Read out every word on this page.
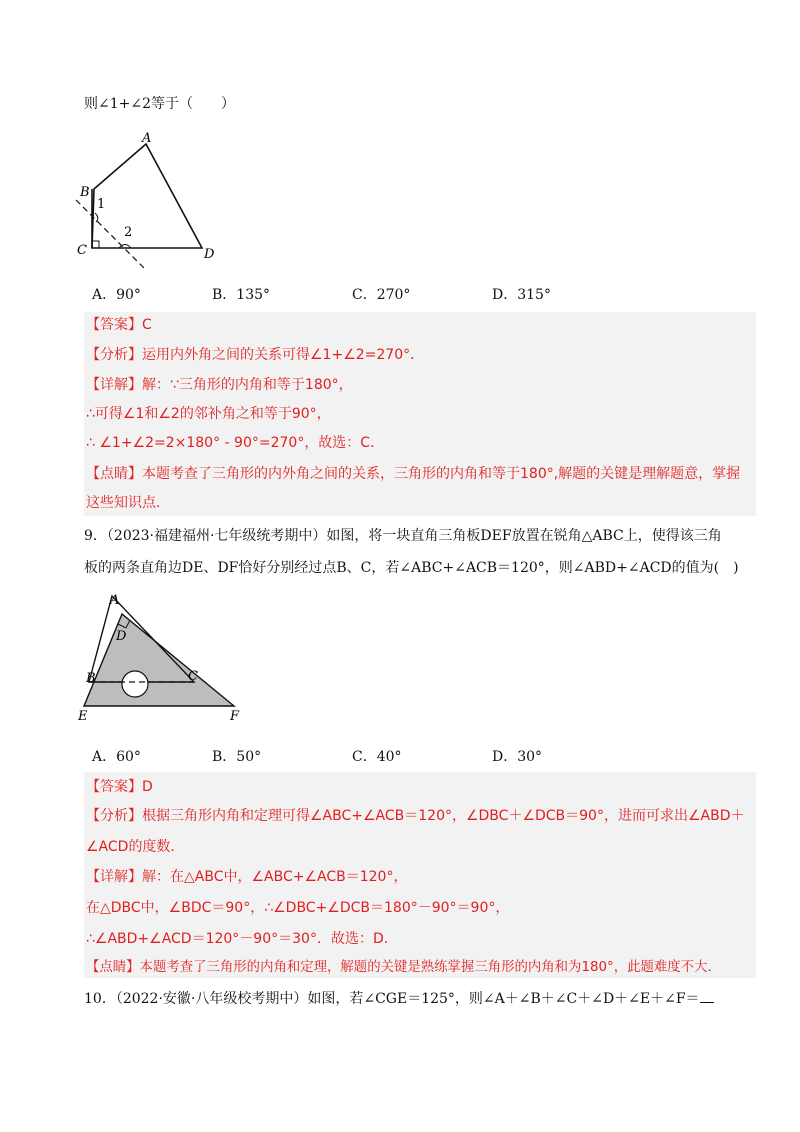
则∠1+∠2等于（　　）
A
B
C	D
1
2
A．90°	B．135°	C．270°	D．315°
【答案】C
【分析】运用内外角之间的关系可得∠1+∠2=270°．
【详解】解：∵三角形的内角和等于180°，
∴可得∠1和∠2的邻补角之和等于90°，
∴ ∠1+∠2=2×180° - 90°=270°，故选：C．
【点睛】本题考查了三角形的内外角之间的关系，三角形的内角和等于180°,解题的关键是理解题意，掌握
这些知识点．
9．（2023·福建福州·七年级统考期中）如图，将一块直角三角板DEF放置在锐角△ABC上，使得该三角
板的两条直角边DE、DF恰好分别经过点B、C，若∠ABC+∠ACB＝120°，则∠ABD+∠ACD的值为(　)
A
D
B	C
E	F
A．60°	B．50°	C．40°	D．30°
【答案】D
【分析】根据三角形内角和定理可得∠ABC+∠ACB＝120°，∠DBC＋∠DCB＝90°，进而可求出∠ABD＋
∠ACD的度数．
【详解】解：在△ABC中，∠ABC+∠ACB＝120°，
在△DBC中，∠BDC＝90°，∴∠DBC+∠DCB＝180°－90°＝90°，
∴∠ABD+∠ACD＝120°－90°＝30°．故选：D．
【点睛】本题考查了三角形的内角和定理，解题的关键是熟练掌握三角形的内角和为180°，此题难度不大．
10．（2022·安徽·八年级校考期中）如图，若∠CGE＝125°，则∠A＋∠B＋∠C＋∠D＋∠E＋∠F＝
